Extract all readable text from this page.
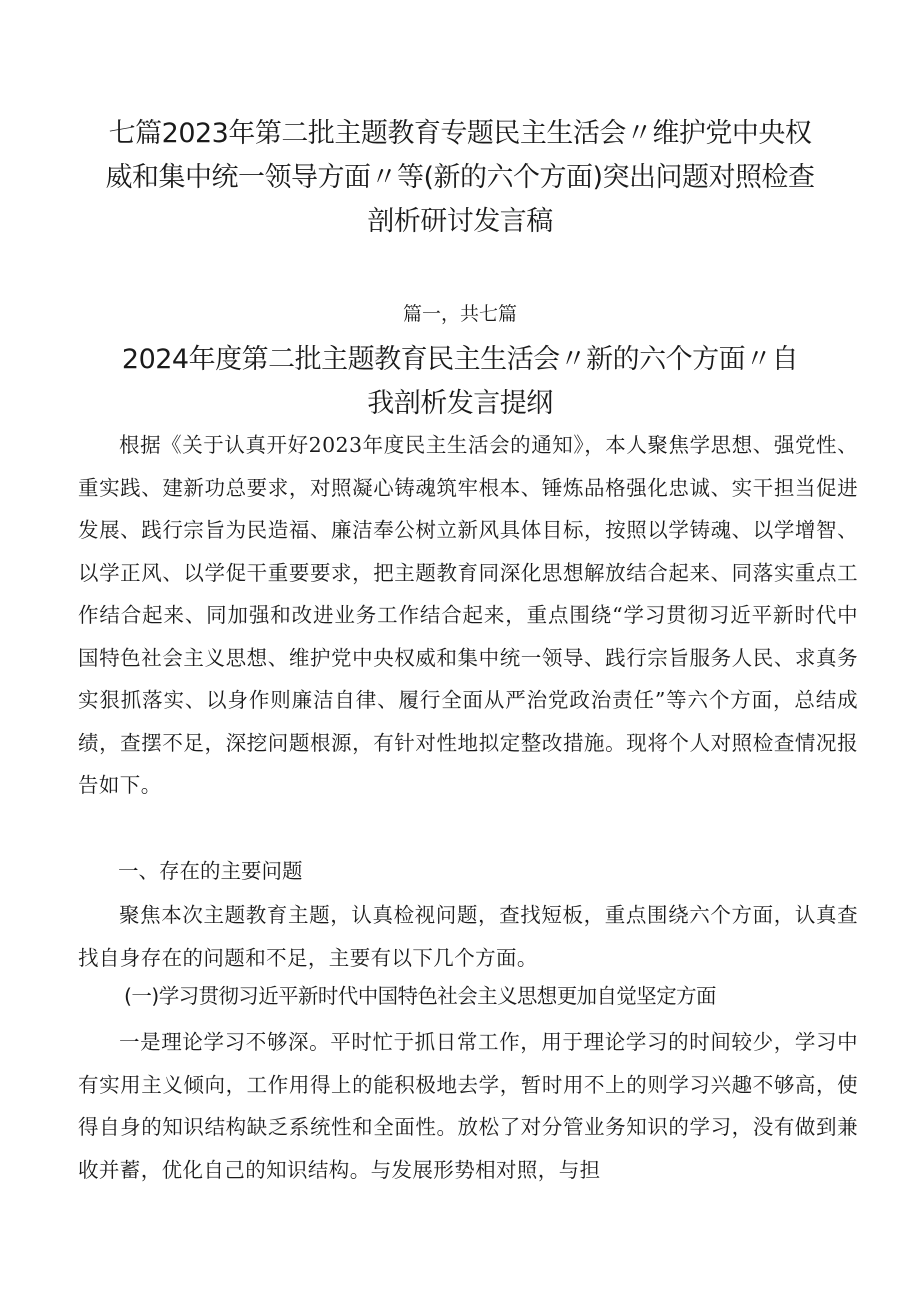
七篇2023年第二批主题教育专题民主生活会〃维护党中央权威和集中统一领导方面〃等(新的六个方面)突出问题对照检查剖析研讨发言稿

篇一，共七篇

2024年度第二批主题教育民主生活会〃新的六个方面〃自我剖析发言提纲

根据《关于认真开好2023年度民主生活会的通知》，本人聚焦学思想、强党性、重实践、建新功总要求，对照凝心铸魂筑牢根本、锤炼品格强化忠诚、实干担当促进发展、践行宗旨为民造福、廉洁奉公树立新风具体目标，按照以学铸魂、以学增智、以学正风、以学促干重要要求，把主题教育同深化思想解放结合起来、同落实重点工作结合起来、同加强和改进业务工作结合起来，重点围绕“学习贯彻习近平新时代中国特色社会主义思想、维护党中央权威和集中统一领导、践行宗旨服务人民、求真务实狠抓落实、以身作则廉洁自律、履行全面从严治党政治责任”等六个方面，总结成绩，查摆不足，深挖问题根源，有针对性地拟定整改措施。现将个人对照检查情况报告如下。

一、存在的主要问题

聚焦本次主题教育主题，认真检视问题，查找短板，重点围绕六个方面，认真查找自身存在的问题和不足，主要有以下几个方面。

(一)学习贯彻习近平新时代中国特色社会主义思想更加自觉坚定方面

一是理论学习不够深。平时忙于抓日常工作，用于理论学习的时间较少，学习中有实用主义倾向，工作用得上的能积极地去学，暂时用不上的则学习兴趣不够高，使得自身的知识结构缺乏系统性和全面性。放松了对分管业务知识的学习，没有做到兼收并蓄，优化自己的知识结构。与发展形势相对照，与担
